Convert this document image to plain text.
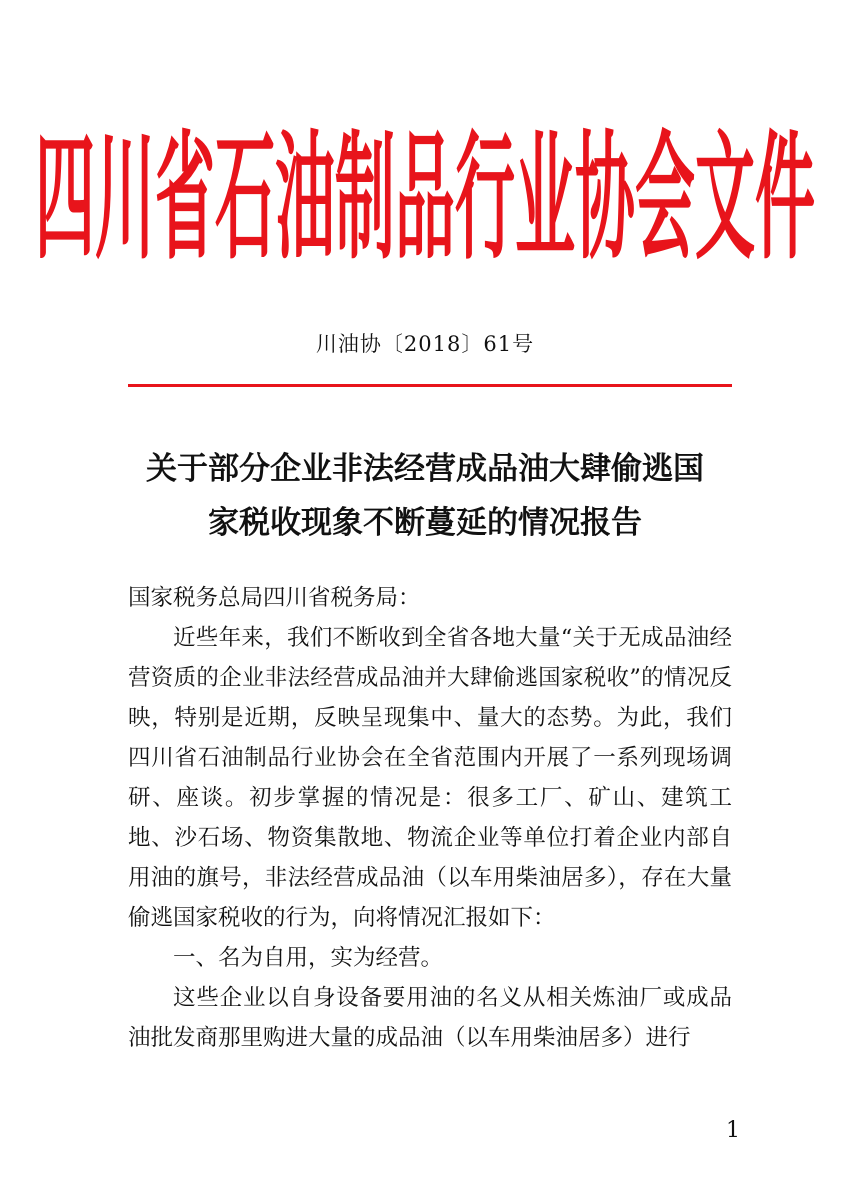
四川省石油制品行业协会文件
川油协〔2018〕61号
关于部分企业非法经营成品油大肆偷逃国
家税收现象不断蔓延的情况报告

国家税务总局四川省税务局：

近些年来，我们不断收到全省各地大量“关于无成品油经营资质的企业非法经营成品油并大肆偷逃国家税收”的情况反映，特别是近期，反映呈现集中、量大的态势。为此，我们四川省石油制品行业协会在全省范围内开展了一系列现场调研、座谈。初步掌握的情况是：很多工厂、矿山、建筑工地、沙石场、物资集散地、物流企业等单位打着企业内部自用油的旗号，非法经营成品油（以车用柴油居多），存在大量偷逃国家税收的行为，向将情况汇报如下：

一、名为自用，实为经营。

这些企业以自身设备要用油的名义从相关炼油厂或成品油批发商那里购进大量的成品油（以车用柴油居多）进行

1
